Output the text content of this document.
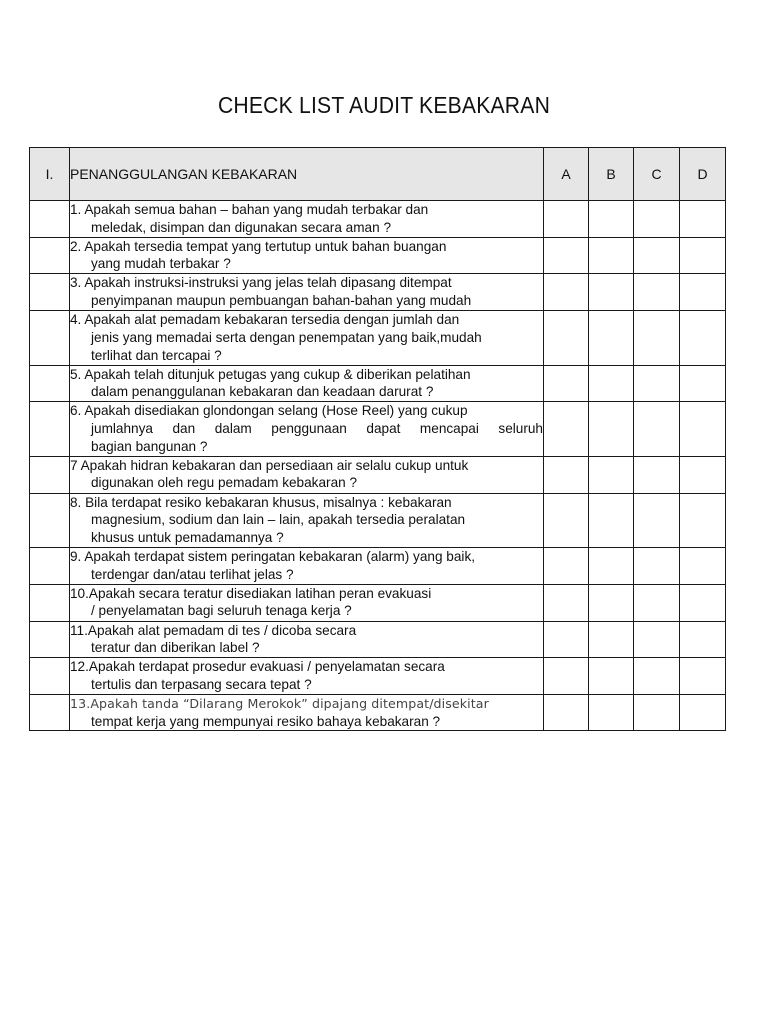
CHECK LIST AUDIT KEBAKARAN
I.	PENANGGULANGAN KEBAKARAN	A	B	C	D

	1. Apakah semua bahan – bahan yang mudah terbakar dan
meledak, disimpan dan digunakan secara aman ?				

	2. Apakah tersedia tempat yang tertutup untuk bahan buangan
yang mudah terbakar ?				

	3. Apakah instruksi-instruksi yang jelas telah dipasang ditempat
penyimpanan maupun pembuangan bahan-bahan yang mudah				

	4. Apakah alat pemadam kebakaran tersedia dengan jumlah dan
jenis yang memadai serta dengan penempatan yang baik,mudah
terlihat dan tercapai ?				

	5. Apakah telah ditunjuk petugas yang cukup & diberikan pelatihan
dalam penanggulanan kebakaran dan keadaan darurat ?				

	6. Apakah disediakan glondongan selang (Hose Reel) yang cukup
jumlahnya dan dalam penggunaan dapat mencapai seluruh
bagian bangunan ?				

	7 Apakah hidran kebakaran dan persediaan air selalu cukup untuk
digunakan oleh regu pemadam kebakaran ?				

	8. Bila terdapat resiko kebakaran khusus, misalnya : kebakaran
magnesium, sodium dan lain – lain, apakah tersedia peralatan
khusus untuk pemadamannya ?				

	9. Apakah terdapat sistem peringatan kebakaran (alarm) yang baik,
terdengar dan/atau terlihat jelas ?				

	10.Apakah secara teratur disediakan latihan peran evakuasi
/ penyelamatan bagi seluruh tenaga kerja ?				

	11.Apakah alat pemadam di tes / dicoba secara
teratur dan diberikan label ?				

	12.Apakah terdapat prosedur evakuasi / penyelamatan secara
tertulis dan terpasang secara tepat ?				

	13.Apakah tanda “Dilarang Merokok” dipajang ditempat/disekitar
tempat kerja yang mempunyai resiko bahaya kebakaran ?				
